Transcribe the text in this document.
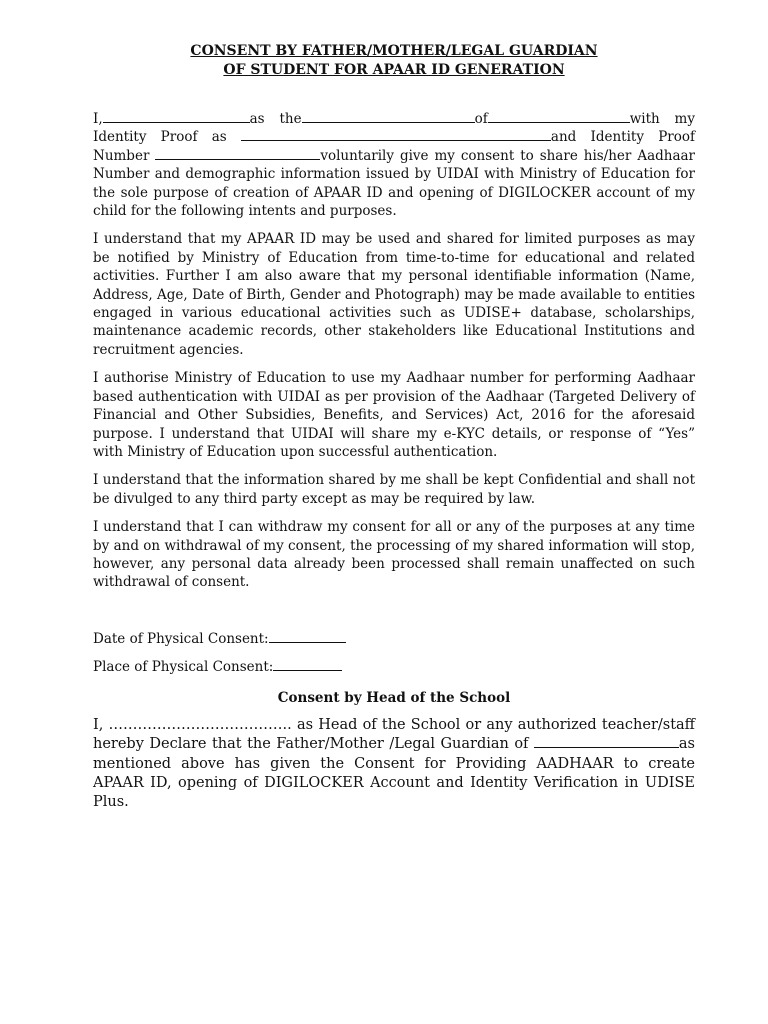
CONSENT BY FATHER/MOTHER/LEGAL GUARDIAN

OF STUDENT FOR APAAR ID GENERATION

I,	as the	of	with my Identity Proof as	and Identity Proof Number	voluntarily give my consent to share his/her Aadhaar Number and demographic information issued by UIDAI with Ministry of Education for the sole purpose of creation of APAAR ID and opening of DIGILOCKER account of my child for the following intents and purposes.

I understand that my APAAR ID may be used and shared for limited purposes as may be notified by Ministry of Education from time-to-time for educational and related activities. Further I am also aware that my personal identifiable information (Name, Address, Age, Date of Birth, Gender and Photograph) may be made available to entities engaged in various educational activities such as UDISE+ database, scholarships, maintenance academic records, other stakeholders like Educational Institutions and recruitment agencies.

I authorise Ministry of Education to use my Aadhaar number for performing Aadhaar based authentication with UIDAI as per provision of the Aadhaar (Targeted Delivery of Financial and Other Subsidies, Benefits, and Services) Act, 2016 for the aforesaid purpose. I understand that UIDAI will share my e-KYC details, or response of “Yes” with Ministry of Education upon successful authentication.

I understand that the information shared by me shall be kept Confidential and shall not be divulged to any third party except as may be required by law.

I understand that I can withdraw my consent for all or any of the purposes at any time by and on withdrawal of my consent, the processing of my shared information will stop, however, any personal data already been processed shall remain unaffected on such withdrawal of consent.

Date of Physical Consent:

Place of Physical Consent:

Consent by Head of the School

I, ……………………………….. as Head of the School or any authorized teacher/staff hereby Declare that the Father/Mother /Legal Guardian of	as mentioned above has given the Consent for Providing AADHAAR to create APAAR ID, opening of DIGILOCKER Account and Identity Verification in UDISE Plus.
